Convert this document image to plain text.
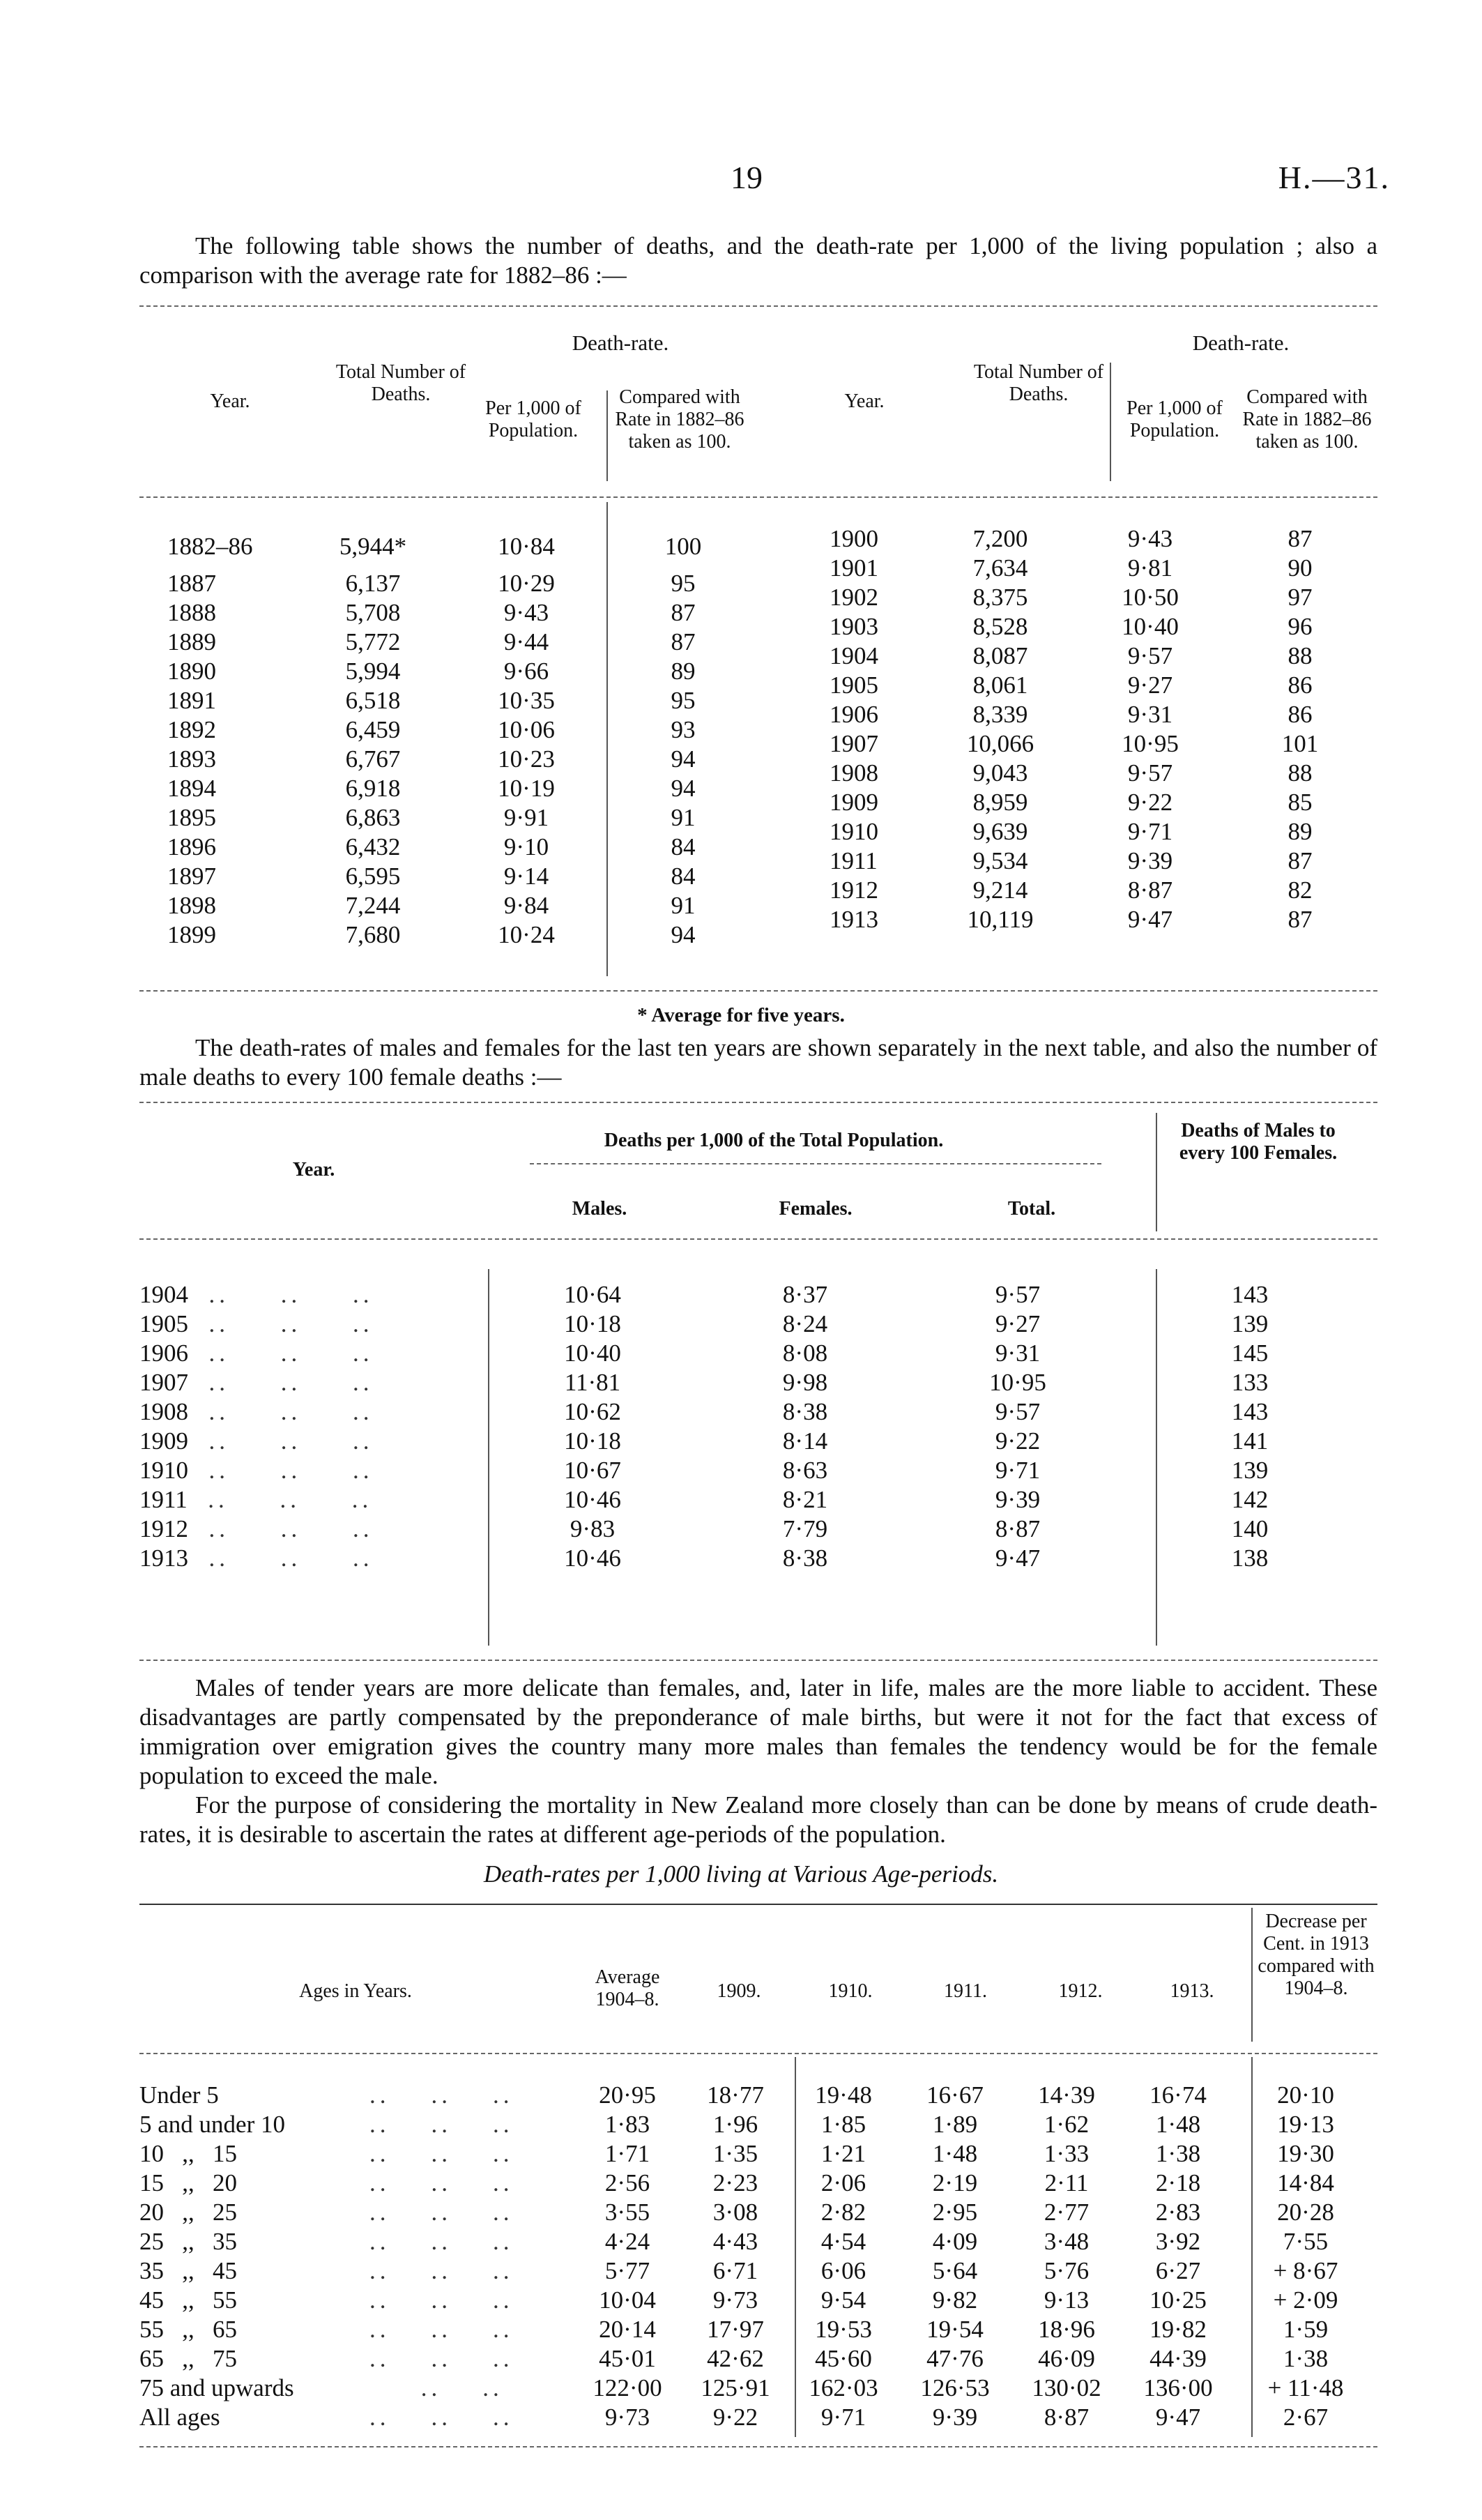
19	H.—31.

The following table shows the number of deaths, and the death-rate per 1,000 of the living population ; also a comparison with the average rate for 1882–86 :—

Death-rate.	Death-rate.
Year.
Total Number of Deaths.
Per 1,000 of Population.
Compared with Rate in 1882–86 taken as 100.
Year.
Total Number of Deaths.
Per 1,000 of Population.
Compared with Rate in 1882–86 taken as 100.
1882–86	5,944*	10·84	100
1887	6,137	10·29	95
1888	5,708	9·43	87
1889	5,772	9·44	87
1890	5,994	9·66	89
1891	6,518	10·35	95
1892	6,459	10·06	93
1893	6,767	10·23	94
1894	6,918	10·19	94
1895	6,863	9·91	91
1896	6,432	9·10	84
1897	6,595	9·14	84
1898	7,244	9·84	91
1899	7,680	10·24	94
1900	7,200	9·43	87
1901	7,634	9·81	90
1902	8,375	10·50	97
1903	8,528	10·40	96
1904	8,087	9·57	88
1905	8,061	9·27	86
1906	8,339	9·31	86
1907	10,066	10·95	101
1908	9,043	9·57	88
1909	8,959	9·22	85
1910	9,639	9·71	89
1911	9,534	9·39	87
1912	9,214	8·87	82
1913	10,119	9·47	87
* Average for five years.

The death-rates of males and females for the last ten years are shown separately in the next table, and also the number of male deaths to every 100 female deaths :—

Deaths per 1,000 of the Total Population.
Year.
Deaths of Males to every 100 Females.
Males.	Females.	Total.
1904  ..     ..     ..	10·64	8·37	9·57	143
1905  ..     ..     ..	10·18	8·24	9·27	139
1906  ..     ..     ..	10·40	8·08	9·31	145
1907  ..     ..     ..	11·81	9·98	10·95	133
1908  ..     ..     ..	10·62	8·38	9·57	143
1909  ..     ..     ..	10·18	8·14	9·22	141
1910  ..     ..     ..	10·67	8·63	9·71	139
1911  ..     ..     ..	10·46	8·21	9·39	142
1912  ..     ..     ..	9·83	7·79	8·87	140
1913  ..     ..     ..	10·46	8·38	9·47	138

Males of tender years are more delicate than females, and, later in life, males are the more liable to accident. These disadvantages are partly compensated by the preponderance of male births, but were it not for the fact that excess of immigration over emigration gives the country many more males than females the tendency would be for the female population to exceed the male.

For the purpose of considering the mortality in New Zealand more closely than can be done by means of crude death-rates, it is desirable to ascertain the rates at different age-periods of the population.

Death-rates per 1,000 living at Various Age-periods.
Ages in Years.
Average 1904–8.	1909.	1910.	1911.	1912.	1913.
Decrease per Cent. in 1913 compared with 1904–8.
Under 5 ..    ..    ..	20·95	18·77	19·48	16·67	14·39	16·74	20·10
5 and under 10 ..    ..    ..	1·83	1·96	1·85	1·89	1·62	1·48	19·13
10   ,,   15 ..    ..    ..	1·71	1·35	1·21	1·48	1·33	1·38	19·30
15   ,,   20 ..    ..    ..	2·56	2·23	2·06	2·19	2·11	2·18	14·84
20   ,,   25 ..    ..    ..	3·55	3·08	2·82	2·95	2·77	2·83	20·28
25   ,,   35 ..    ..    ..	4·24	4·43	4·54	4·09	3·48	3·92	7·55
35   ,,   45 ..    ..    ..	5·77	6·71	6·06	5·64	5·76	6·27	+ 8·67
45   ,,   55 ..    ..    ..	10·04	9·73	9·54	9·82	9·13	10·25	+ 2·09
55   ,,   65 ..    ..    ..	20·14	17·97	19·53	19·54	18·96	19·82	1·59
65   ,,   75 ..    ..    ..	45·01	42·62	45·60	47·76	46·09	44·39	1·38
75 and upwards ..    ..	122·00	125·91	162·03	126·53	130·02	136·00	+ 11·48
All ages ..    ..    ..	9·73	9·22	9·71	9·39	8·87	9·47	2·67
